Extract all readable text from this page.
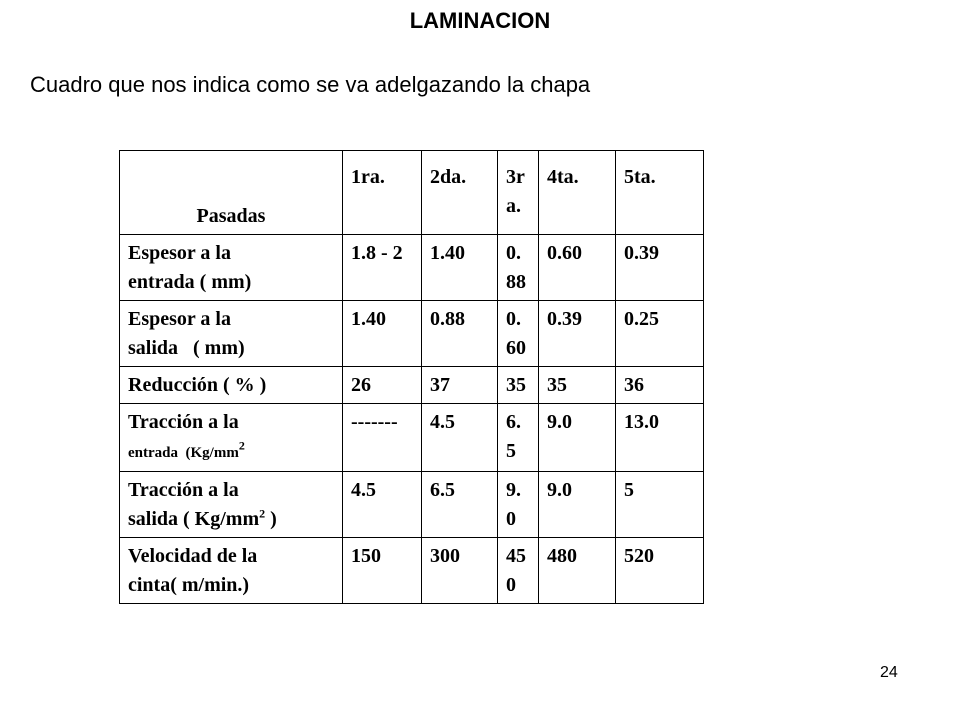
LAMINACION
Cuadro que nos indica como se va adelgazando la chapa
Pasadas	1ra.	2da.	3ra.	4ta.	5ta.
Espesor a la
entrada ( mm)	1.8 - 2	1.40	0.88	0.60	0.39
Espesor a la
salida   ( mm)	1.40	0.88	0.60	0.39	0.25
Reducción ( % )	26	37	35	35	36
Tracción a la
entrada  ($Kg/mm^2$	-------	4.5	6.5	9.0	13.0
Tracción a la
salida ( $Kg/mm^2$ )	4.5	6.5	9.0	9.0	5
Velocidad de la
cinta( m/min.)	150	300	450	480	520
24
